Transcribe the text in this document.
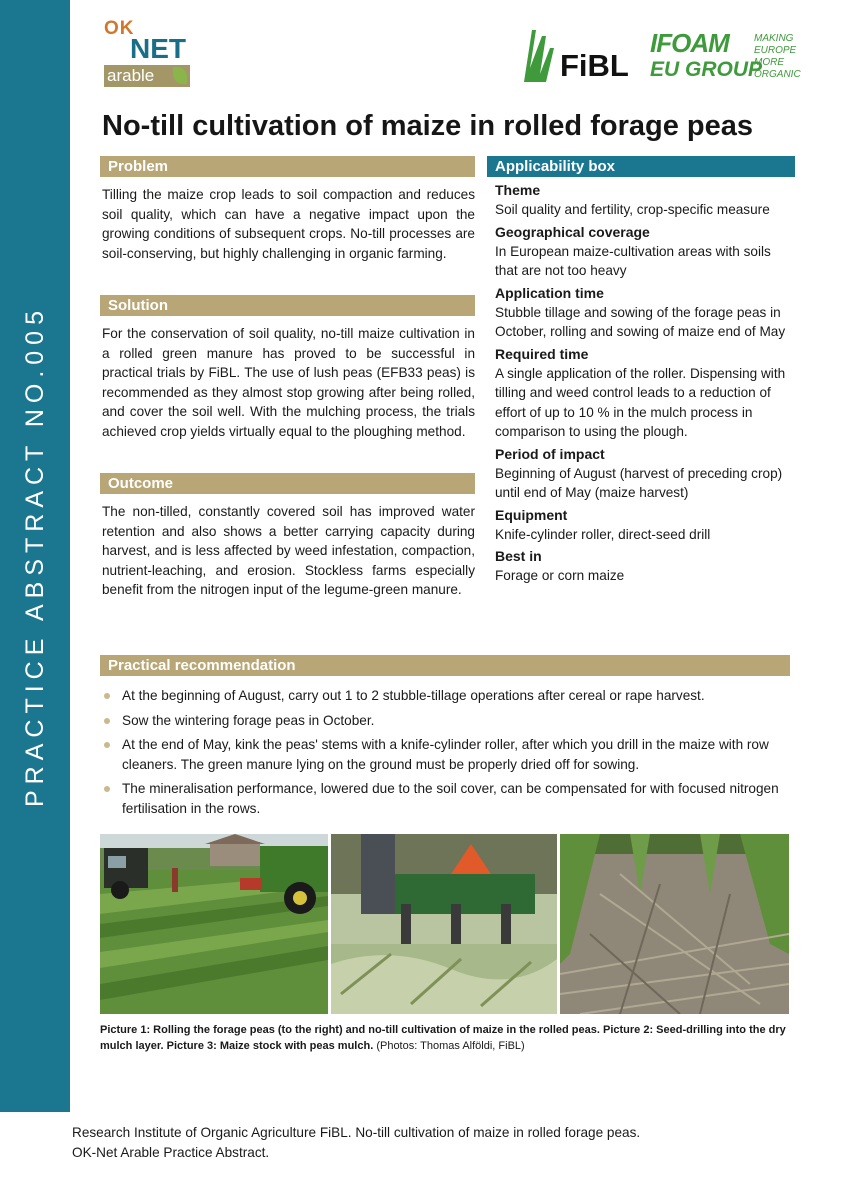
PRACTICE ABSTRACT NO.005
OK
NET
arable	FiBL
IFOAM
EU GROUP
MAKING
EUROPE
MORE
ORGANIC
No-till cultivation of maize in rolled forage peas
Problem
Tilling the maize crop leads to soil compaction and reduces soil quality, which can have a negative impact upon the growing conditions of subsequent crops. No-till processes are soil-conserving, but highly challenging in organic farming.
Solution
For the conservation of soil quality, no-till maize cultivation in a rolled green manure has proved to be successful in practical trials by FiBL. The use of lush peas (EFB33 peas) is recommended as they almost stop growing after being rolled, and cover the soil well. With the mulching process, the trials achieved crop yields virtually equal to the ploughing method.
Outcome
The non-tilled, constantly covered soil has improved water retention and also shows a better carrying capacity during harvest, and is less affected by weed infestation, compaction, nutrient-leaching, and erosion. Stockless farms especially benefit from the nitrogen input of the legume-green manure.
Applicability box
Theme

Soil quality and fertility, crop-specific measure

Geographical coverage

In European maize-cultivation areas with soils that are not too heavy

Application time

Stubble tillage and sowing of the forage peas in October, rolling and sowing of maize end of May

Required time

A single application of the roller. Dispensing with tilling and weed control leads to a reduction of effort of up to 10 % in the mulch process in comparison to using the plough.

Period of impact

Beginning of August (harvest of preceding crop) until end of May (maize harvest)

Equipment

Knife-cylinder roller, direct-seed drill

Best in

Forage or corn maize

Practical recommendation
At the beginning of August, carry out 1 to 2 stubble-tillage operations after cereal or rape harvest.
Sow the wintering forage peas in October.
At the end of May, kink the peas' stems with a knife-cylinder roller, after which you drill in the maize with row cleaners. The green manure lying on the ground must be properly dried off for sowing.
The mineralisation performance, lowered due to the soil cover, can be compensated for with focused nitrogen fertilisation in the rows.
Picture 1: Rolling the forage peas (to the right) and no-till cultivation of maize in the rolled peas. Picture 2: Seed-drilling into the dry mulch layer. Picture 3: Maize stock with peas mulch. (Photos: Thomas Alföldi, FiBL)
Research Institute of Organic Agriculture FiBL. No-till cultivation of maize in rolled forage peas.
OK-Net Arable Practice Abstract.
